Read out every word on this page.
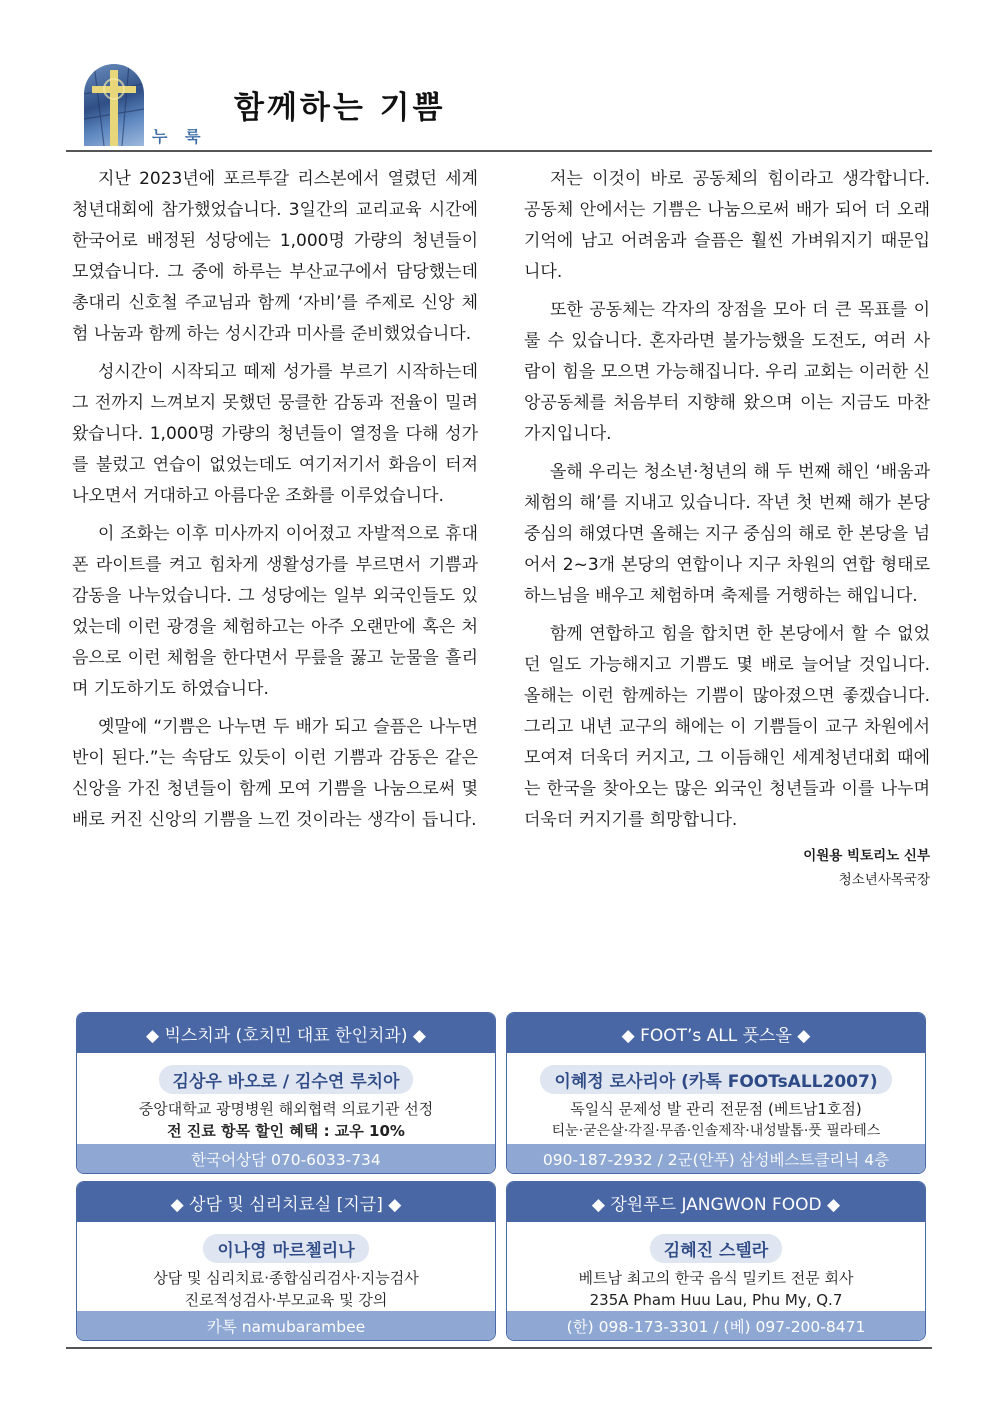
누 룩
함께하는 기쁨

지난 2023년에 포르투갈 리스본에서 열렸던 세계청년대회에 참가했었습니다. 3일간의 교리교육 시간에 한국어로 배정된 성당에는 1,000명 가량의 청년들이 모였습니다. 그 중에 하루는 부산교구에서 담당했는데 총대리 신호철 주교님과 함께 ‘자비’를 주제로 신앙 체험 나눔과 함께 하는 성시간과 미사를 준비했었습니다.

성시간이 시작되고 떼제 성가를 부르기 시작하는데 그 전까지 느껴보지 못했던 뭉클한 감동과 전율이 밀려왔습니다. 1,000명 가량의 청년들이 열정을 다해 성가를 불렀고 연습이 없었는데도 여기저기서 화음이 터져나오면서 거대하고 아름다운 조화를 이루었습니다.

이 조화는 이후 미사까지 이어졌고 자발적으로 휴대폰 라이트를 켜고 힘차게 생활성가를 부르면서 기쁨과 감동을 나누었습니다. 그 성당에는 일부 외국인들도 있었는데 이런 광경을 체험하고는 아주 오랜만에 혹은 처음으로 이런 체험을 한다면서 무릎을 꿇고 눈물을 흘리며 기도하기도 하였습니다.

옛말에 “기쁨은 나누면 두 배가 되고 슬픔은 나누면 반이 된다.”는 속담도 있듯이 이런 기쁨과 감동은 같은 신앙을 가진 청년들이 함께 모여 기쁨을 나눔으로써 몇 배로 커진 신앙의 기쁨을 느낀 것이라는 생각이 듭니다.

저는 이것이 바로 공동체의 힘이라고 생각합니다. 공동체 안에서는 기쁨은 나눔으로써 배가 되어 더 오래 기억에 남고 어려움과 슬픔은 훨씬 가벼워지기 때문입니다.

또한 공동체는 각자의 장점을 모아 더 큰 목표를 이룰 수 있습니다. 혼자라면 불가능했을 도전도, 여러 사람이 힘을 모으면 가능해집니다. 우리 교회는 이러한 신앙공동체를 처음부터 지향해 왔으며 이는 지금도 마찬가지입니다.

올해 우리는 청소년·청년의 해 두 번째 해인 ‘배움과 체험의 해’를 지내고 있습니다. 작년 첫 번째 해가 본당 중심의 해였다면 올해는 지구 중심의 해로 한 본당을 넘어서 2~3개 본당의 연합이나 지구 차원의 연합 형태로 하느님을 배우고 체험하며 축제를 거행하는 해입니다.

함께 연합하고 힘을 합치면 한 본당에서 할 수 없었던 일도 가능해지고 기쁨도 몇 배로 늘어날 것입니다. 올해는 이런 함께하는 기쁨이 많아졌으면 좋겠습니다. 그리고 내년 교구의 해에는 이 기쁨들이 교구 차원에서 모여져 더욱더 커지고, 그 이듬해인 세계청년대회 때에는 한국을 찾아오는 많은 외국인 청년들과 이를 나누며 더욱더 커지기를 희망합니다.

이원용 빅토리노 신부
청소년사목국장
◆ 빅스치과 (호치민 대표 한인치과) ◆
김상우 바오로 / 김수연 루치아
중앙대학교 광명병원 해외협력 의료기관 선정
전 진료 항목 할인 혜택 : 교우 10%
한국어상담 070-6033-734
◆ FOOT’s ALL 풋스올 ◆
이혜정 로사리아 (카톡 FOOTsALL2007)
독일식 문제성 발 관리 전문점 (베트남1호점)
티눈·굳은살·각질·무좀·인솔제작·내성발톱·풋 필라테스
090-187-2932 / 2군(안푸) 삼성베스트클리닉 4층
◆ 상담 및 심리치료실 [지금] ◆
이나영 마르첼리나
상담 및 심리치료·종합심리검사·지능검사
진로적성검사·부모교육 및 강의
카톡 namubarambee
◆ 장원푸드 JANGWON FOOD ◆
김혜진 스텔라
베트남 최고의 한국 음식 밀키트 전문 회사
235A Pham Huu Lau, Phu My, Q.7
(한) 098-173-3301 / (베) 097-200-8471
